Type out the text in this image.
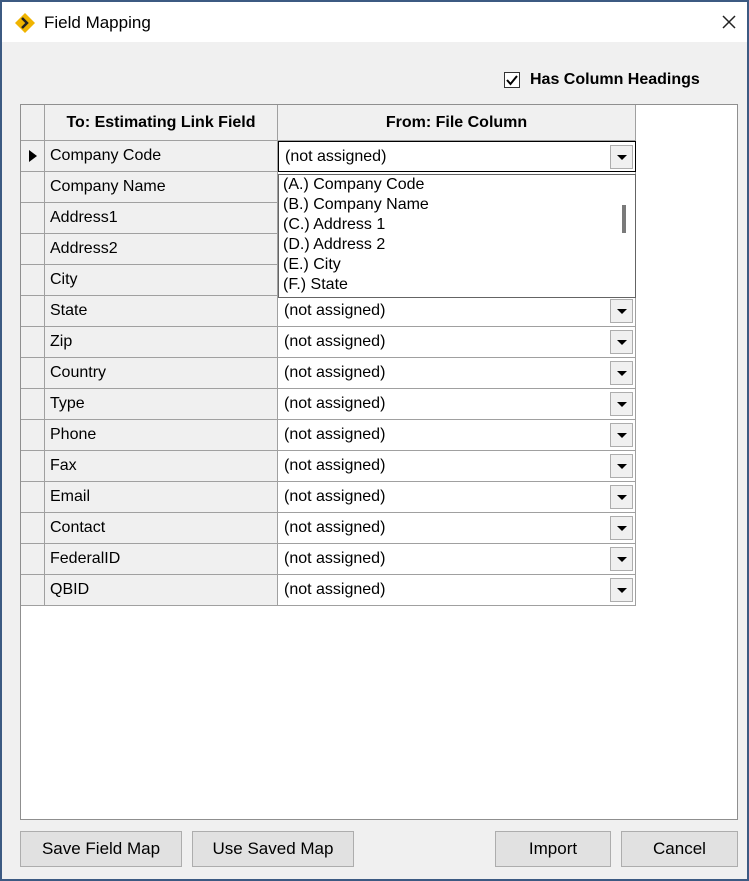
Field Mapping
Has Column Headings
To: Estimating Link Field	From: File Column
Company Code	(not assigned)
Company Name
Address1
Address2
City
State	(not assigned)
Zip	(not assigned)
Country	(not assigned)
Type	(not assigned)
Phone	(not assigned)
Fax	(not assigned)
Email	(not assigned)
Contact	(not assigned)
FederalID	(not assigned)
QBID	(not assigned)
(A.) Company Code
(B.) Company Name
(C.) Address 1
(D.) Address 2
(E.) City
(F.) State
Save Field Map	Use Saved Map	Import	Cancel
